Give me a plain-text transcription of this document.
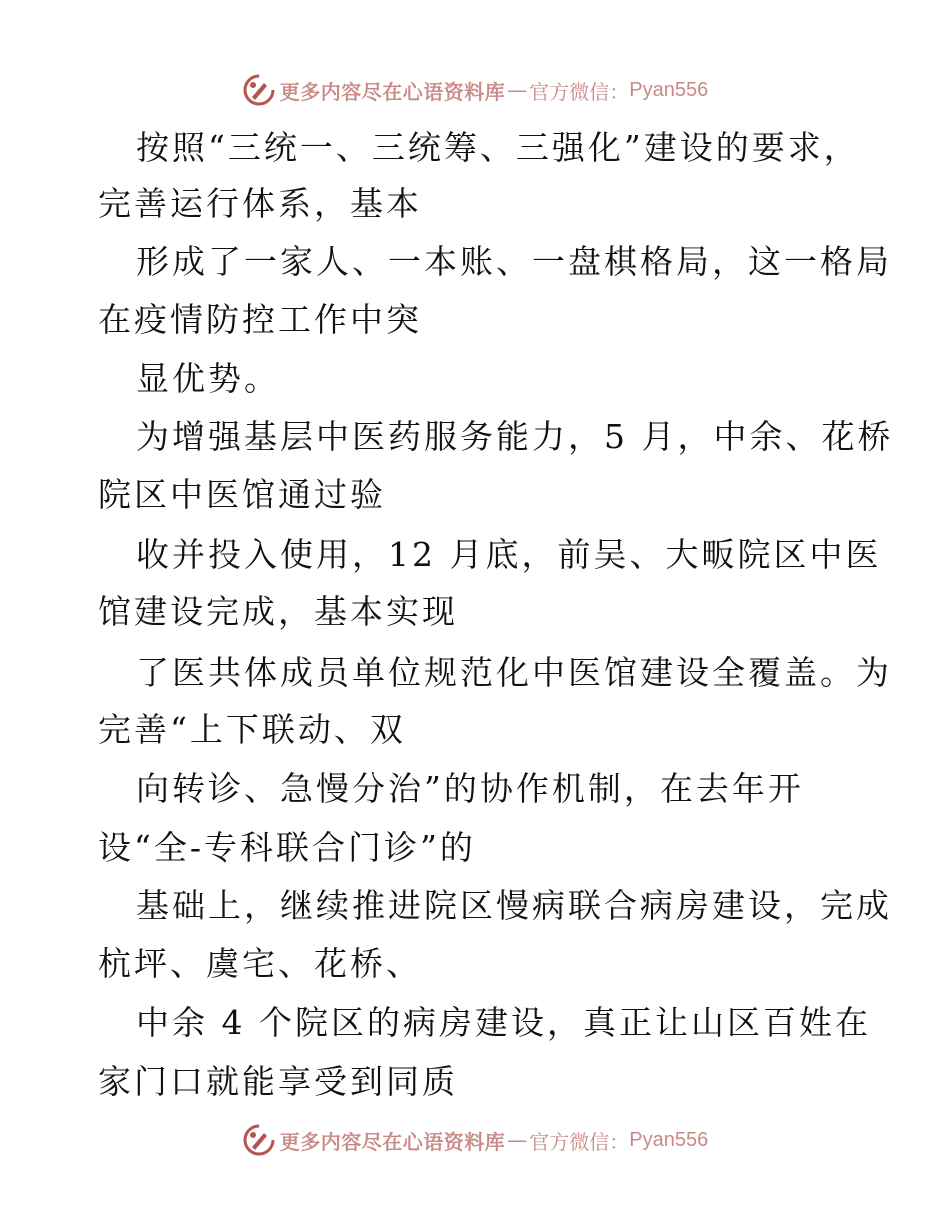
更多内容尽在心语资料库 — 官方微信： Pyan556
按照“三统一、三统筹、三强化”建设的要求，
完善运行体系，基本
形成了一家人、一本账、一盘棋格局，这一格局
在疫情防控工作中突
显优势。
为增强基层中医药服务能力，5 月，中余、花桥
院区中医馆通过验
收并投入使用，12 月底，前吴、大畈院区中医
馆建设完成，基本实现
了医共体成员单位规范化中医馆建设全覆盖。为
完善“上下联动、双
向转诊、急慢分治”的协作机制，在去年开
设“全-专科联合门诊”的
基础上，继续推进院区慢病联合病房建设，完成
杭坪、虞宅、花桥、
中余 4 个院区的病房建设，真正让山区百姓在
家门口就能享受到同质
更多内容尽在心语资料库 — 官方微信： Pyan556
